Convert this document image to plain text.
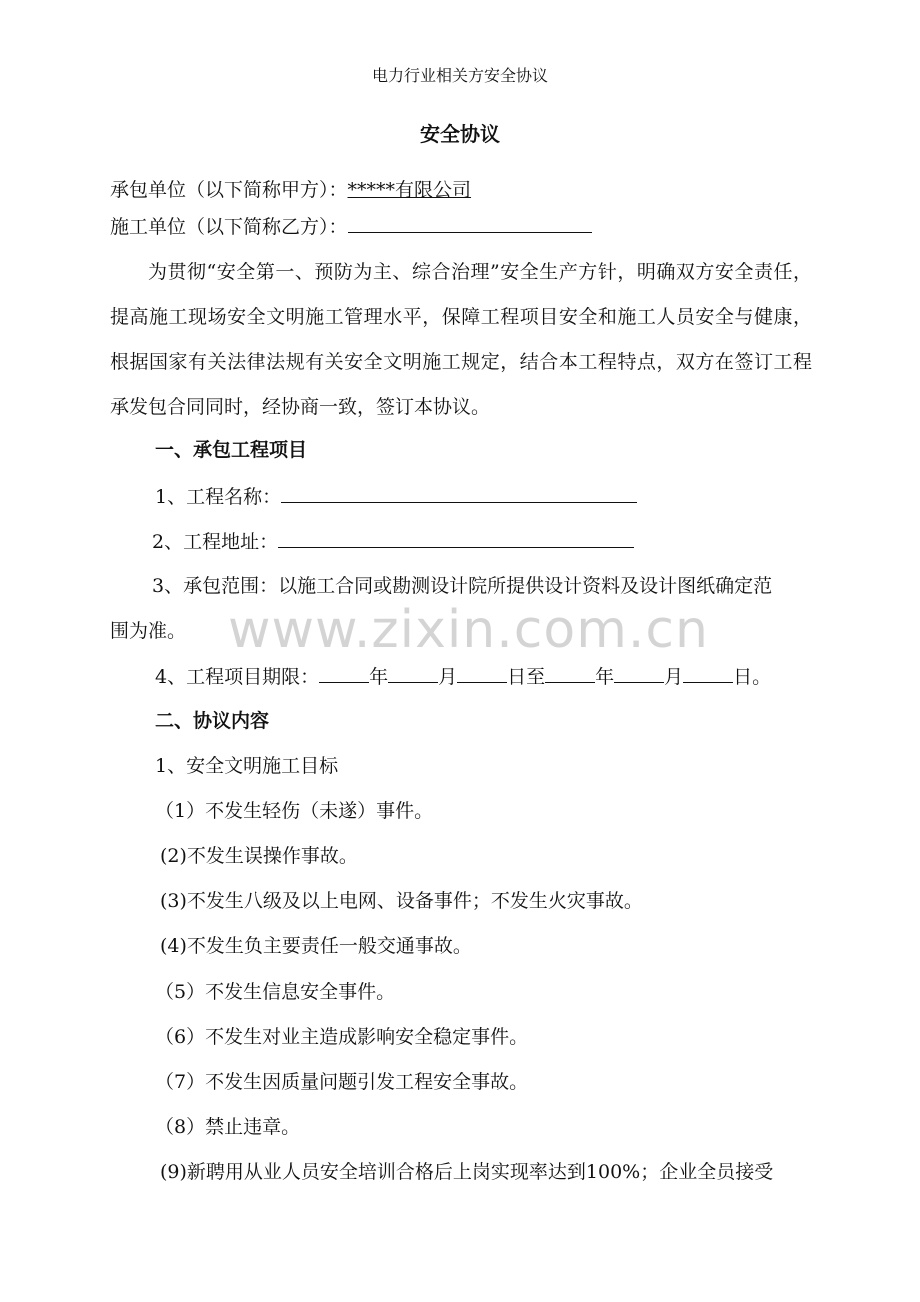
电力行业相关方安全协议
安全协议
承包单位（以下简称甲方）：*****有限公司
施工单位（以下简称乙方）：
为贯彻“安全第一、预防为主、综合治理”安全生产方针，明确双方安全责任，提高施工现场安全文明施工管理水平，保障工程项目安全和施工人员安全与健康，根据国家有关法律法规有关安全文明施工规定，结合本工程特点，双方在签订工程承发包合同同时，经协商一致，签订本协议。
一、承包工程项目
1、工程名称：
2、工程地址：
3、承包范围：以施工合同或勘测设计院所提供设计资料及设计图纸确定范
围为准。
4、工程项目期限：	年	月	日至	年	月	日。
二、协议内容
1、安全文明施工目标
（1）不发生轻伤（未遂）事件。
(2)不发生误操作事故。
(3)不发生八级及以上电网、设备事件；不发生火灾事故。
(4)不发生负主要责任一般交通事故。
（5）不发生信息安全事件。
（6）不发生对业主造成影响安全稳定事件。
（7）不发生因质量问题引发工程安全事故。
（8）禁止违章。
(9)新聘用从业人员安全培训合格后上岗实现率达到100%；企业全员接受
www.zixin.com.cn
